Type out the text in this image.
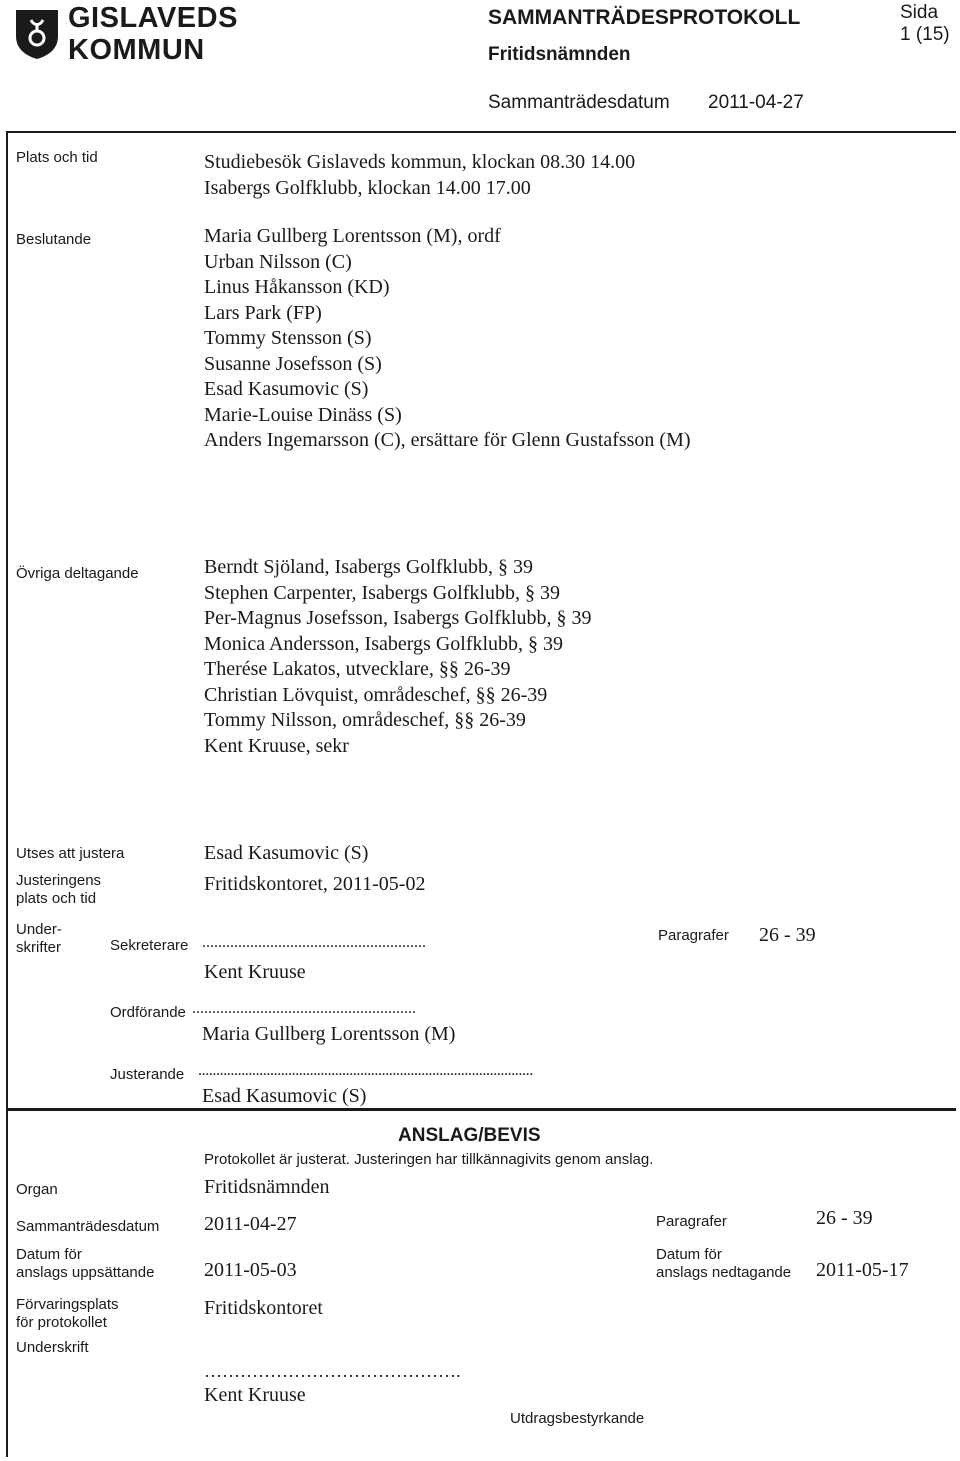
GISLAVEDS
KOMMUN
SAMMANTRÄDESPROTOKOLL
Fritidsnämnden
Sida
1 (15)
Sammanträdesdatum 2011-04-27
Plats och tid	Studiebesök Gislaveds kommun, klockan 08.30 14.00
Isabergs Golfklubb, klockan 14.00 17.00
Beslutande	Maria Gullberg Lorentsson (M), ordf
Urban Nilsson (C)
Linus Håkansson (KD)
Lars Park (FP)
Tommy Stensson (S)
Susanne Josefsson (S)
Esad Kasumovic (S)
Marie-Louise Dinäss (S)
Anders Ingemarsson (C), ersättare för Glenn Gustafsson (M)
Övriga deltagande	Berndt Sjöland, Isabergs Golfklubb, § 39
Stephen Carpenter, Isabergs Golfklubb, § 39
Per-Magnus Josefsson, Isabergs Golfklubb, § 39
Monica Andersson, Isabergs Golfklubb, § 39
Therése Lakatos, utvecklare, §§ 26-39
Christian Lövquist, områdeschef, §§ 26-39
Tommy Nilsson, områdeschef, §§ 26-39
Kent Kruuse, sekr
Utses att justera	Esad Kasumovic (S)
Justeringens
plats och tid
Fritidskontoret, 2011-05-02
Under-
skrifter	Sekreterare ........................................................
Kent Kruuse
Paragrafer 26 - 39
Ordförande ........................................................
Maria Gullberg Lorentsson (M)
Justerande .............................................................................................
Esad Kasumovic (S)
ANSLAG/BEVIS
Protokollet är justerat. Justeringen har tillkännagivits genom anslag.
Organ	Fritidsnämnden
Sammanträdesdatum 2011-04-27	Paragrafer	26 - 39
Datum för
anslags uppsättande 2011-05-03
Datum för
anslags nedtagande 2011-05-17
Förvaringsplats
för protokollet
Fritidskontoret
Underskrift
…………………………………….
Kent Kruuse
Utdragsbestyrkande
